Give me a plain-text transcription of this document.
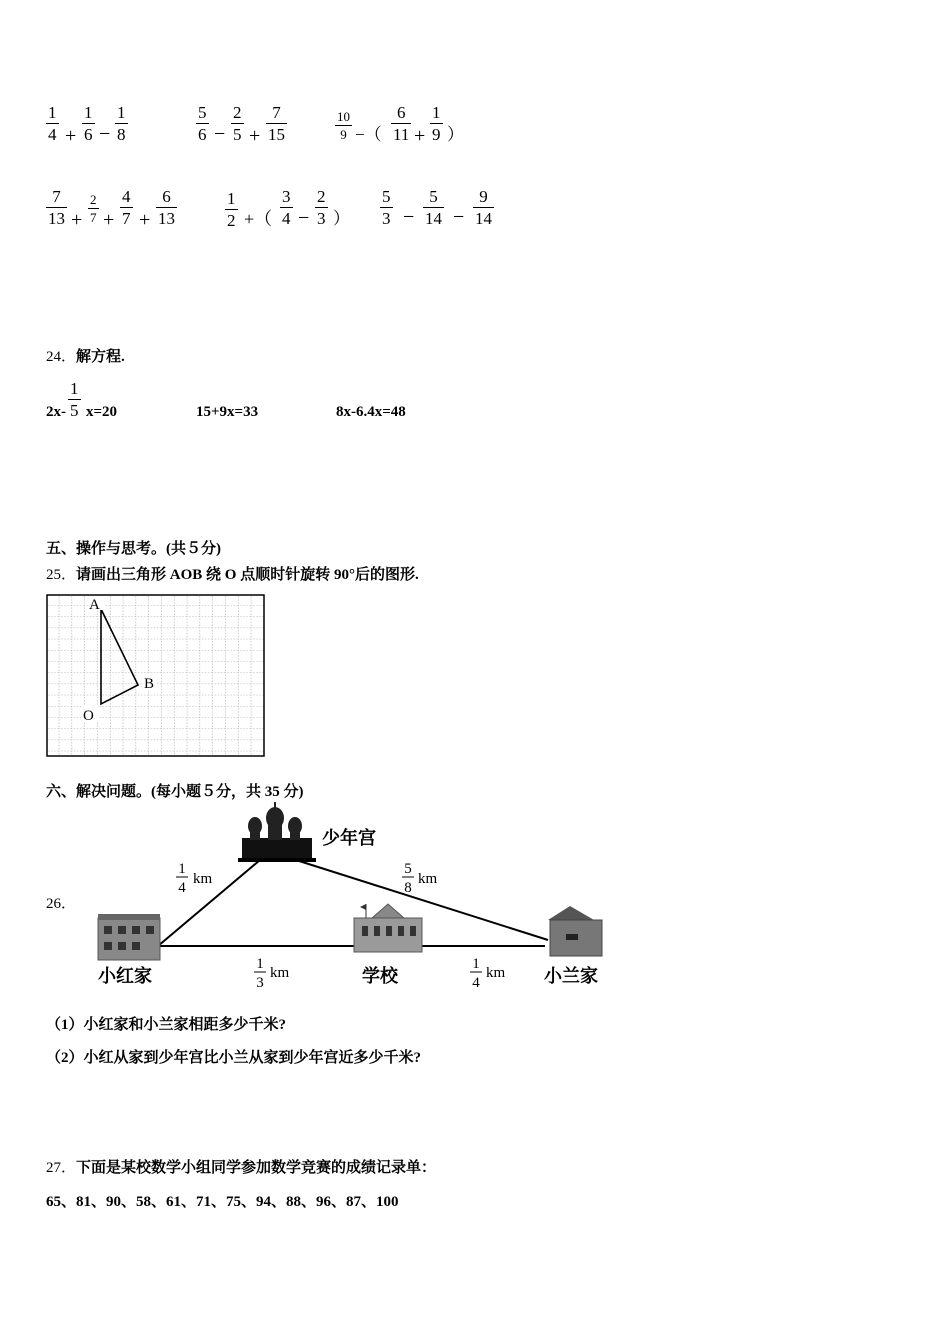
$\frac{1}{4} + \frac{1}{6} - \frac{1}{8}$	$\frac{5}{6} - \frac{2}{5} + \frac{7}{15}$	$\frac{10}{9}$ −（ $\frac{6}{11} + \frac{1}{9}$ ）
$\frac{7}{13} + \frac{2}{7} + \frac{4}{7} + \frac{6}{13}$	$\frac{1}{2}$ +（ $\frac{3}{4} - \frac{2}{3}$ ） $\frac{5}{3} - \frac{5}{14} - \frac{9}{14}$
24．解方程.
$2x- \frac{1}{5} x=20$	15+9x=33	8x-6.4x=48
五、操作与思考。(共５分)
25．请画出三角形 AOB 绕 O 点顺时针旋转 90°后的图形.
A
B
O
六、解决问题。(每小题５分，共 35 分)
26．
少年宫
小红家	学校	小兰家
1
4
km
5
8
km
1
3
km
1
4
km
（1）小红家和小兰家相距多少千米?
（2）小红从家到少年宫比小兰从家到少年宫近多少千米?
27．下面是某校数学小组同学参加数学竞赛的成绩记录单：
65、81、90、58、61、71、75、94、88、96、87、100
